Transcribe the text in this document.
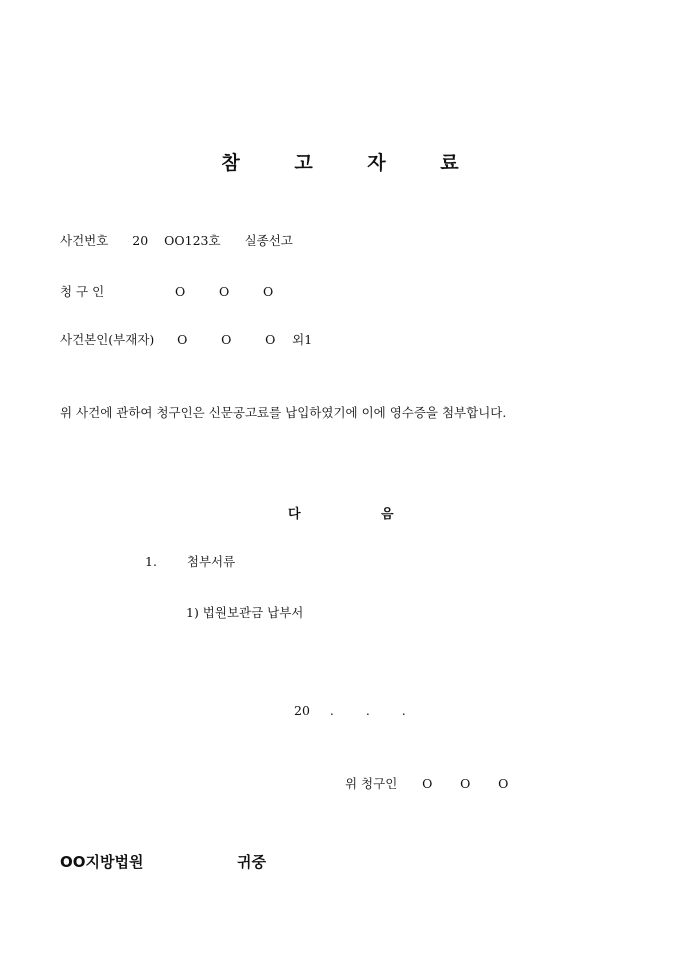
참 고 자 료
사건번호 20 OO123호 실종선고
청 구 인	O	O	O
사건본인(부재자) O	O	O 외1
위 사건에 관하여 청구인은 신문공고료를 납입하였기에 이에 영수증을 첨부합니다.
다	음
1. 첨부서류
1) 법원보관금 납부서
20 .	.	.
위 청구인 O O O
OO지방법원	귀중
